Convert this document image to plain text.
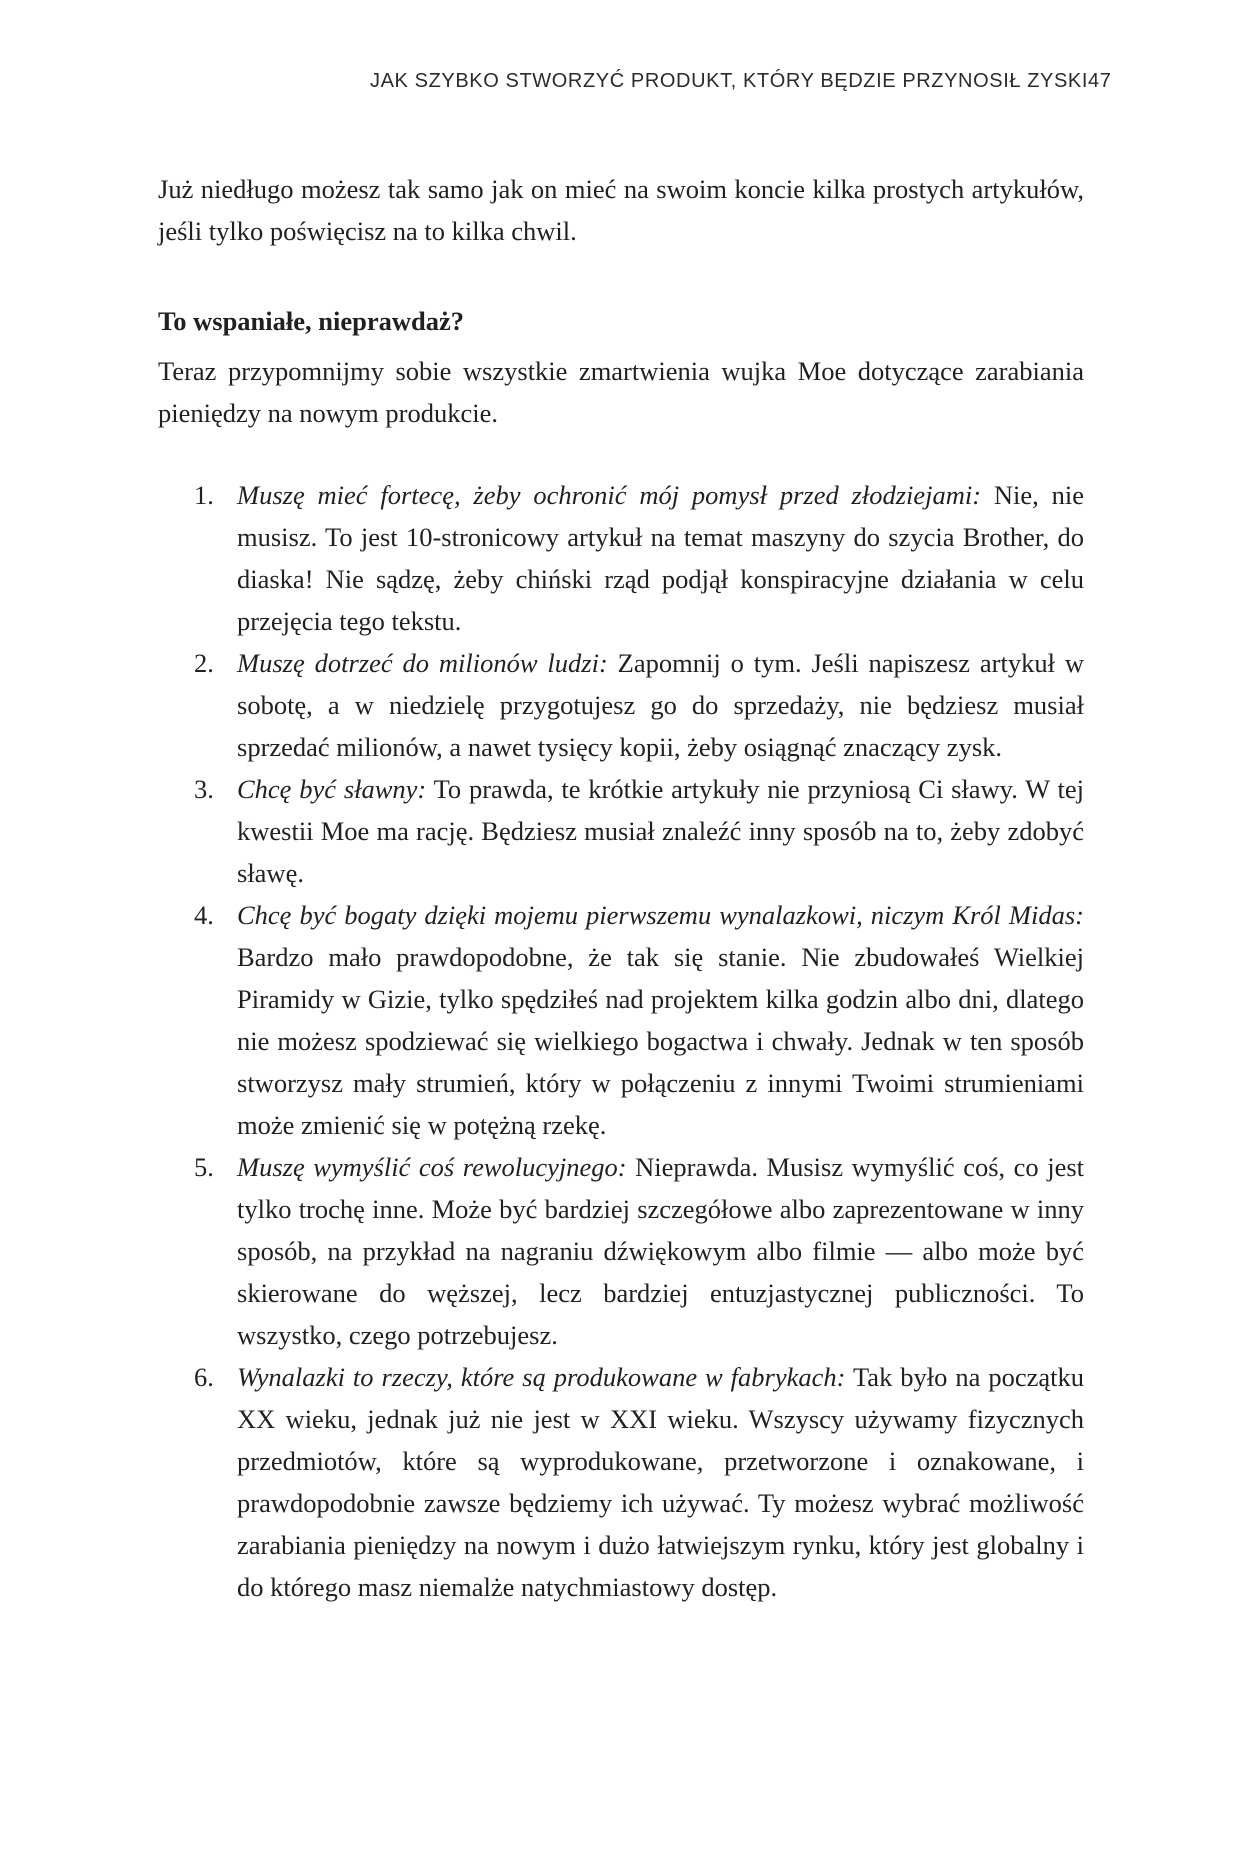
JAK SZYBKO STWORZYĆ PRODUKT, KTÓRY BĘDZIE PRZYNOSIŁ ZYSKI 47

Już niedługo możesz tak samo jak on mieć na swoim koncie kilka prostych artykułów, jeśli tylko poświęcisz na to kilka chwil.

To wspaniałe, nieprawdaż?

Teraz przypomnijmy sobie wszystkie zmartwienia wujka Moe dotyczące zarabiania pieniędzy na nowym produkcie.

1. Muszę mieć fortecę, żeby ochronić mój pomysł przed złodziejami: Nie, nie musisz. To jest 10-stronicowy artykuł na temat maszyny do szycia Brother, do diaska! Nie sądzę, żeby chiński rząd podjął konspiracyjne działania w celu przejęcia tego tekstu.
2. Muszę dotrzeć do milionów ludzi: Zapomnij o tym. Jeśli napiszesz artykuł w sobotę, a w niedzielę przygotujesz go do sprzedaży, nie będziesz musiał sprzedać milionów, a nawet tysięcy kopii, żeby osiągnąć znaczący zysk.
3. Chcę być sławny: To prawda, te krótkie artykuły nie przyniosą Ci sławy. W tej kwestii Moe ma rację. Będziesz musiał znaleźć inny sposób na to, żeby zdobyć sławę.
4. Chcę być bogaty dzięki mojemu pierwszemu wynalazkowi, niczym Król Midas: Bardzo mało prawdopodobne, że tak się stanie. Nie zbudowałeś Wielkiej Piramidy w Gizie, tylko spędziłeś nad projektem kilka godzin albo dni, dlatego nie możesz spodziewać się wielkiego bogactwa i chwały. Jednak w ten sposób stworzysz mały strumień, który w połączeniu z innymi Twoimi strumieniami może zmienić się w potężną rzekę.
5. Muszę wymyślić coś rewolucyjnego: Nieprawda. Musisz wymyślić coś, co jest tylko trochę inne. Może być bardziej szczegółowe albo zaprezentowane w inny sposób, na przykład na nagraniu dźwiękowym albo filmie — albo może być skierowane do węższej, lecz bardziej entuzjastycznej publiczności. To wszystko, czego potrzebujesz.
6. Wynalazki to rzeczy, które są produkowane w fabrykach: Tak było na początku XX wieku, jednak już nie jest w XXI wieku. Wszyscy używamy fizycznych przedmiotów, które są wyprodukowane, przetworzone i oznakowane, i prawdopodobnie zawsze będziemy ich używać. Ty możesz wybrać możliwość zarabiania pieniędzy na nowym i dużo łatwiejszym rynku, który jest globalny i do którego masz niemalże natychmiastowy dostęp.
